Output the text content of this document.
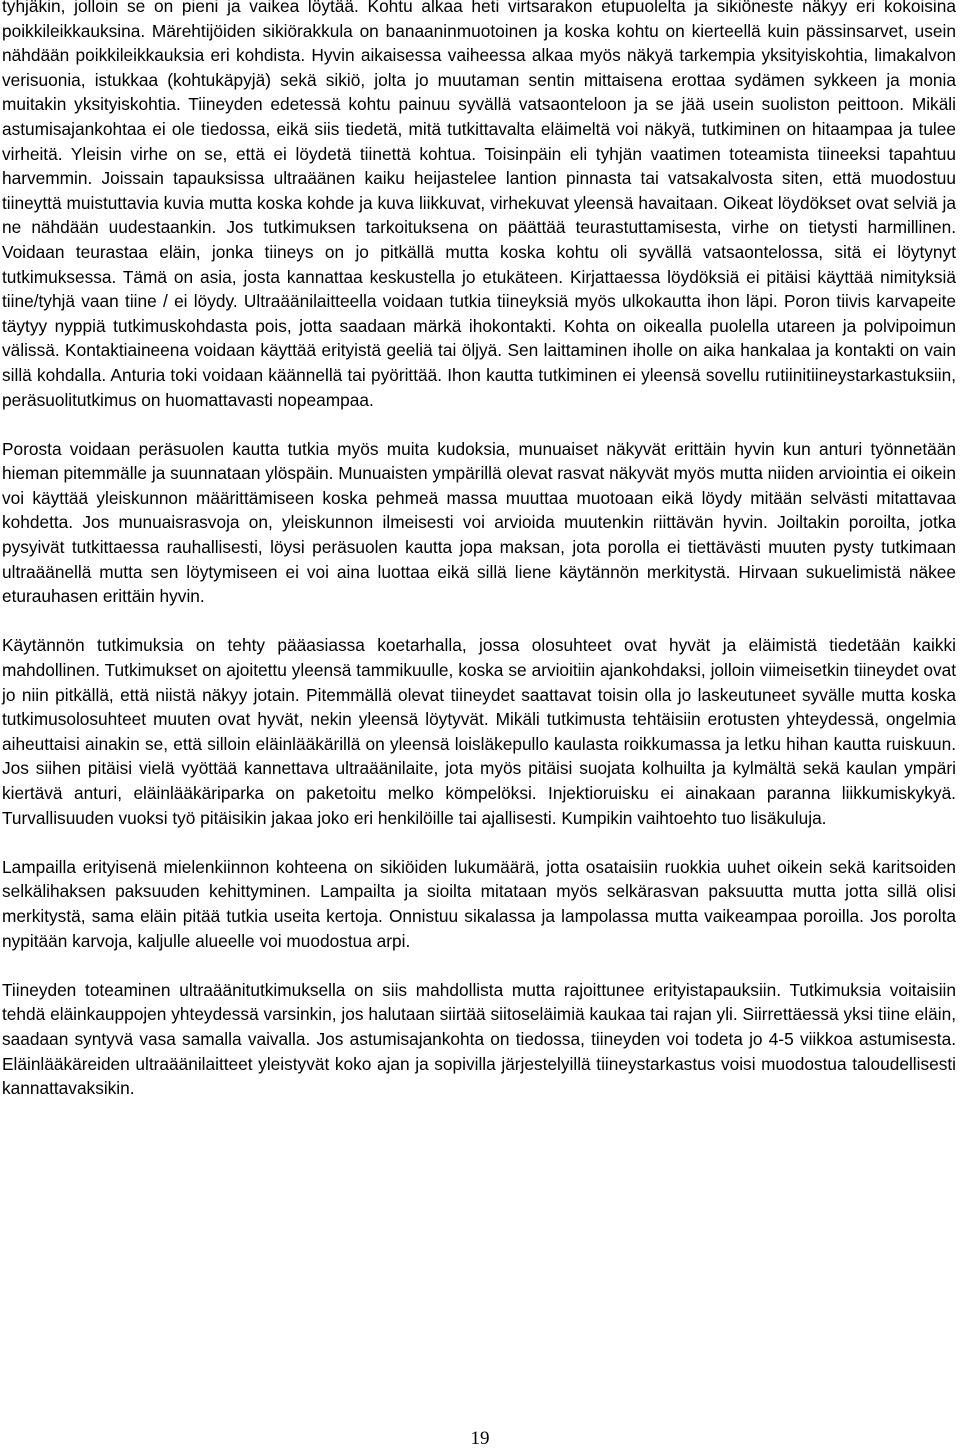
tyhjäkin, jolloin se on pieni ja vaikea löytää. Kohtu alkaa heti virtsarakon etupuolelta ja sikiöneste näkyy eri kokoisina poikkileikkauksina. Märehtijöiden sikiörakkula on banaaninmuotoinen ja koska kohtu on kierteellä kuin pässinsarvet, usein nähdään poikkileikkauksia eri kohdista. Hyvin aikaisessa vaiheessa alkaa myös näkyä tarkempia yksityiskohtia, limakalvon verisuonia, istukkaa (kohtukäpyjä) sekä sikiö, jolta jo muutaman sentin mittaisena erottaa sydämen sykkeen ja monia muitakin yksityiskohtia. Tiineyden edetessä kohtu painuu syvällä vatsaonteloon ja se jää usein suoliston peittoon. Mikäli astumisajankohtaa ei ole tiedossa, eikä siis tiedetä, mitä tutkittavalta eläimeltä voi näkyä, tutkiminen on hitaampaa ja tulee virheitä. Yleisin virhe on se, että ei löydetä tiinettä kohtua. Toisinpäin eli tyhjän vaatimen toteamista tiineeksi tapahtuu harvemmin. Joissain tapauksissa ultraäänen kaiku heijastelee lantion pinnasta tai vatsakalvosta siten, että muodostuu tiineyttä muistuttavia kuvia mutta koska kohde ja kuva liikkuvat, virhekuvat yleensä havaitaan. Oikeat löydökset ovat selviä ja ne nähdään uudestaankin. Jos tutkimuksen tarkoituksena on päättää teurastuttamisesta, virhe on tietysti harmillinen. Voidaan teurastaa eläin, jonka tiineys on jo pitkällä mutta koska kohtu oli syvällä vatsaontelossa, sitä ei löytynyt tutkimuksessa. Tämä on asia, josta kannattaa keskustella jo etukäteen. Kirjattaessa löydöksiä ei pitäisi käyttää nimityksiä tiine/tyhjä vaan tiine / ei löydy. Ultraäänilaitteella voidaan tutkia tiineyksiä myös ulkokautta ihon läpi. Poron tiivis karvapeite täytyy nyppiä tutkimuskohdasta pois, jotta saadaan märkä ihokontakti. Kohta on oikealla puolella utareen ja polvipoimun välissä. Kontaktiaineena voidaan käyttää erityistä geeliä tai öljyä. Sen laittaminen iholle on aika hankalaa ja kontakti on vain sillä kohdalla. Anturia toki voidaan käännellä tai pyörittää. Ihon kautta tutkiminen ei yleensä sovellu rutiinitiineystarkastuksiin, peräsuolitutkimus on huomattavasti nopeampaa.

Porosta voidaan peräsuolen kautta tutkia myös muita kudoksia, munuaiset näkyvät erittäin hyvin kun anturi työnnetään hieman pitemmälle ja suunnataan ylöspäin. Munuaisten ympärillä olevat rasvat näkyvät myös mutta niiden arviointia ei oikein voi käyttää yleiskunnon määrittämiseen koska pehmeä massa muuttaa muotoaan eikä löydy mitään selvästi mitattavaa kohdetta. Jos munuaisrasvoja on, yleiskunnon ilmeisesti voi arvioida muutenkin riittävän hyvin. Joiltakin poroilta, jotka pysyivät tutkittaessa rauhallisesti, löysi peräsuolen kautta jopa maksan, jota porolla ei tiettävästi muuten pysty tutkimaan ultraäänellä mutta sen löytymiseen ei voi aina luottaa eikä sillä liene käytännön merkitystä. Hirvaan sukuelimistä näkee eturauhasen erittäin hyvin.

Käytännön tutkimuksia on tehty pääasiassa koetarhalla, jossa olosuhteet ovat hyvät ja eläimistä tiedetään kaikki mahdollinen. Tutkimukset on ajoitettu yleensä tammikuulle, koska se arvioitiin ajankohdaksi, jolloin viimeisetkin tiineydet ovat jo niin pitkällä, että niistä näkyy jotain. Pitemmällä olevat tiineydet saattavat toisin olla jo laskeutuneet syvälle mutta koska tutkimusolosuhteet muuten ovat hyvät, nekin yleensä löytyvät. Mikäli tutkimusta tehtäisiin erotusten yhteydessä, ongelmia aiheuttaisi ainakin se, että silloin eläinlääkärillä on yleensä loisläkepullo kaulasta roikkumassa ja letku hihan kautta ruiskuun. Jos siihen pitäisi vielä vyöttää kannettava ultraäänilaite, jota myös pitäisi suojata kolhuilta ja kylmältä sekä kaulan ympäri kiertävä anturi, eläinlääkäriparka on paketoitu melko kömpelöksi. Injektioruisku ei ainakaan paranna liikkumiskykyä. Turvallisuuden vuoksi työ pitäisikin jakaa joko eri henkilöille tai ajallisesti. Kumpikin vaihtoehto tuo lisäkuluja.

Lampailla erityisenä mielenkiinnon kohteena on sikiöiden lukumäärä, jotta osataisiin ruokkia uuhet oikein sekä karitsoiden selkälihaksen paksuuden kehittyminen. Lampailta ja sioilta mitataan myös selkärasvan paksuutta mutta jotta sillä olisi merkitystä, sama eläin pitää tutkia useita kertoja. Onnistuu sikalassa ja lampolassa mutta vaikeampaa poroilla. Jos porolta nypitään karvoja, kaljulle alueelle voi muodostua arpi.

Tiineyden toteaminen ultraäänitutkimuksella on siis mahdollista mutta rajoittunee erityistapauksiin. Tutkimuksia voitaisiin tehdä eläinkauppojen yhteydessä varsinkin, jos halutaan siirtää siitoseläimiä kaukaa tai rajan yli. Siirrettäessä yksi tiine eläin, saadaan syntyvä vasa samalla vaivalla. Jos astumisajankohta on tiedossa, tiineyden voi todeta jo 4-5 viikkoa astumisesta. Eläinlääkäreiden ultraäänilaitteet yleistyvät koko ajan ja sopivilla järjestelyillä tiineystarkastus voisi muodostua taloudellisesti kannattavaksikin.

19
